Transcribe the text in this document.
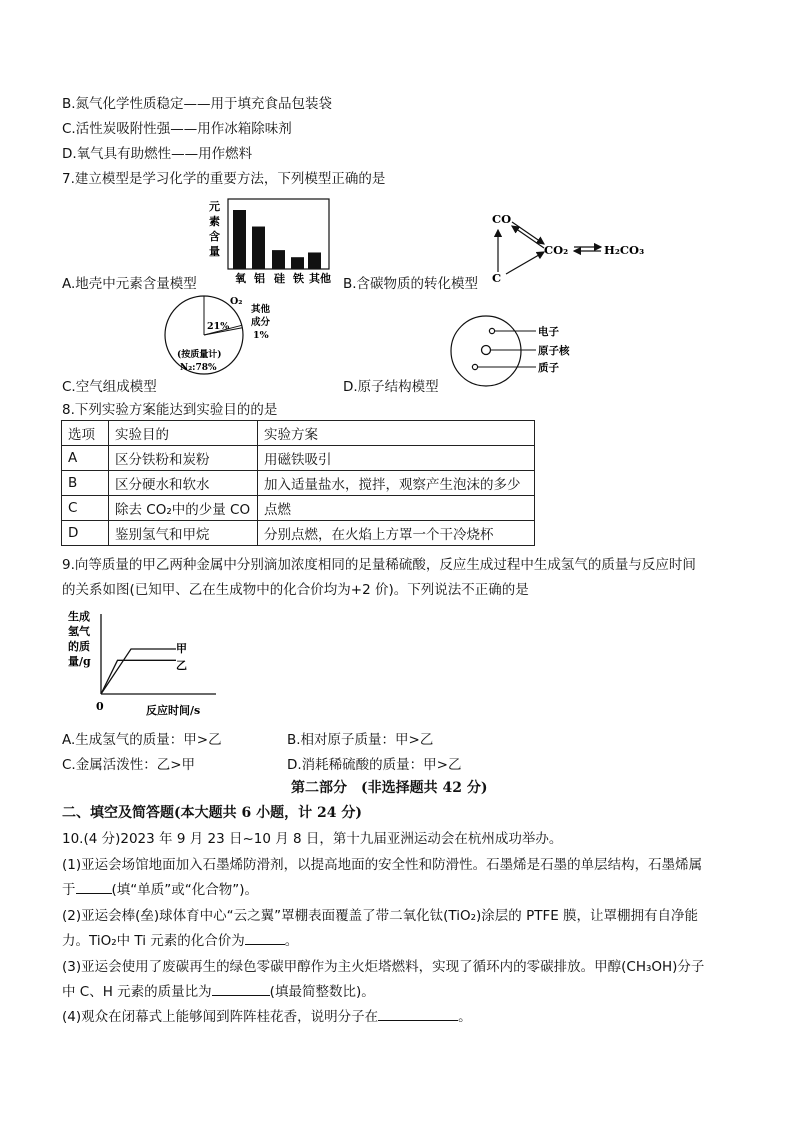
B.氮气化学性质稳定——用于填充食品包装袋
C.活性炭吸附性强——用作冰箱除味剂
D.氧气具有助燃性——用作燃料
7.建立模型是学习化学的重要方法，下列模型正确的是
元
素
含
量
氧 铝 硅 铁 其他
A.地壳中元素含量模型
CO
CO₂	H₂CO₃
C
B.含碳物质的转化模型
O₂
21%
其他
成分
1%
(按质量计)
N₂:78%
C.空气组成模型
电子
原子核
质子
D.原子结构模型
8.下列实验方案能达到实验目的的是
选项	实验目的	实验方案
A	区分铁粉和炭粉	用磁铁吸引
B	区分硬水和软水	加入适量盐水，搅拌，观察产生泡沫的多少
C	除去 CO₂中的少量 CO	点燃
D	鉴别氢气和甲烷	分别点燃，在火焰上方罩一个干冷烧杯
9.向等质量的甲乙两种金属中分别滴加浓度相同的足量稀硫酸，反应生成过程中生成氢气的质量与反应时间
的关系如图(已知甲、乙在生成物中的化合价均为+2 价)。下列说法不正确的是
生成
氢气
的质
量/g
0	反应时间/s
甲
乙
A.生成氢气的质量：甲>乙	B.相对原子质量：甲>乙
C.金属活泼性：乙>甲	D.消耗稀硫酸的质量：甲>乙
第二部分　(非选择题共 42 分)
二、填空及简答题(本大题共 6 小题，计 24 分)
10.(4 分)2023 年 9 月 23 日~10 月 8 日，第十九届亚洲运动会在杭州成功举办。
(1)亚运会场馆地面加入石墨烯防滑剂，以提高地面的安全性和防滑性。石墨烯是石墨的单层结构，石墨烯属
于	(填“单质”或“化合物”)。
(2)亚运会棒(垒)球体育中心“云之翼”罩棚表面覆盖了带二氧化钛(TiO₂)涂层的 PTFE 膜，让罩棚拥有自净能
力。TiO₂中 Ti 元素的化合价为	。
(3)亚运会使用了废碳再生的绿色零碳甲醇作为主火炬塔燃料，实现了循环内的零碳排放。甲醇(CH₃OH)分子
中 C、H 元素的质量比为	(填最简整数比)。
(4)观众在闭幕式上能够闻到阵阵桂花香，说明分子在	。
